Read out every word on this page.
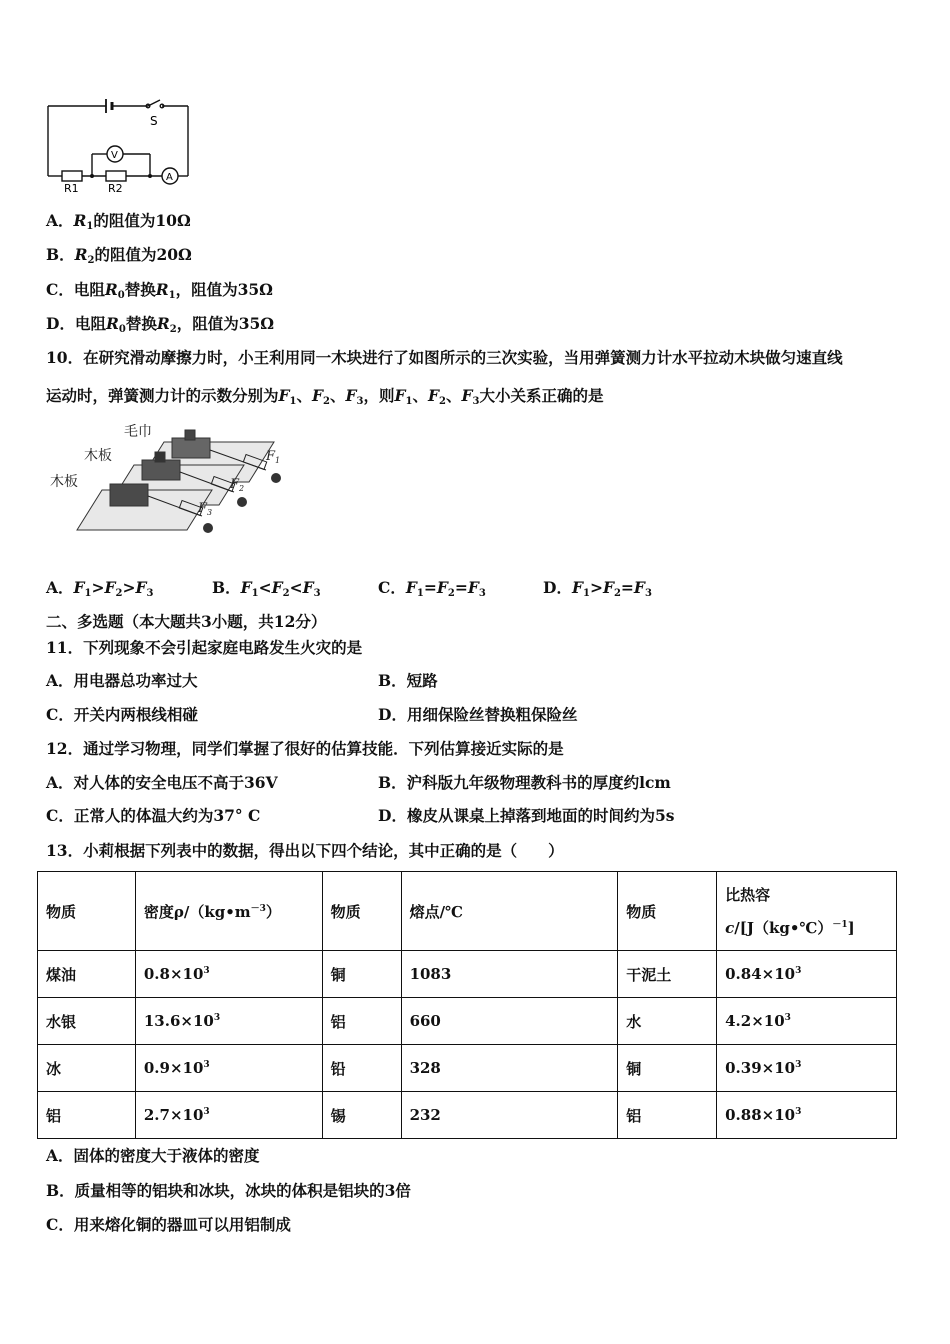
S
V
A
R1	R2
A．$R_1$的阻值为10Ω
B．$R_2$的阻值为20Ω
C．电阻$R_0$替换$R_1$，阻值为35Ω
D．电阻$R_0$替换$R_2$，阻值为35Ω
10．在研究滑动摩擦力时，小王利用同一木块进行了如图所示的三次实验，当用弹簧测力计水平拉动木块做匀速直线
运动时，弹簧测力计的示数分别为$F_1$、$F_2$、$F_3$，则$F_1$、$F_2$、$F_3$大小关系正确的是
毛巾
木板
木板
$F_1$
$F_2$
$F_3$
A．$F_1>F_2>F_3$	B．$F_1<F_2<F_3$	C．$F_1=F_2=F_3$	D．$F_1>F_2=F_3$
二、多选题（本大题共3小题，共12分）
11．下列现象不会引起家庭电路发生火灾的是
A．用电器总功率过大	B．短路
C．开关内两根线相碰	D．用细保险丝替换粗保险丝
12．通过学习物理，同学们掌握了很好的估算技能．下列估算接近实际的是
A．对人体的安全电压不高于36V	B．沪科版九年级物理教科书的厚度约lcm
C．正常人的体温大约为37° C	D．橡皮从课桌上掉落到地面的时间约为5s
13．小莉根据下列表中的数据，得出以下四个结论，其中正确的是（　　）
物质	密度$\rho/(kg•m^{-3})$	物质	熔点/℃	物质	比热容
c/[J（kg•℃）$^{-1}$]

煤油	$0.8\times 10^3$	铜	1083	干泥土	$0.84\times 10^3$
水银	$13.6\times 10^3$	铝	660	水	$4.2\times 10^3$
冰	$0.9\times 10^3$	铅	328	铜	$0.39\times 10^3$
铝	$2.7\times 10^3$	锡	232	铝	$0.88\times 10^3$
A．固体的密度大于液体的密度
B．质量相等的铝块和冰块，冰块的体积是铝块的3倍
C．用来熔化铜的器皿可以用铝制成
